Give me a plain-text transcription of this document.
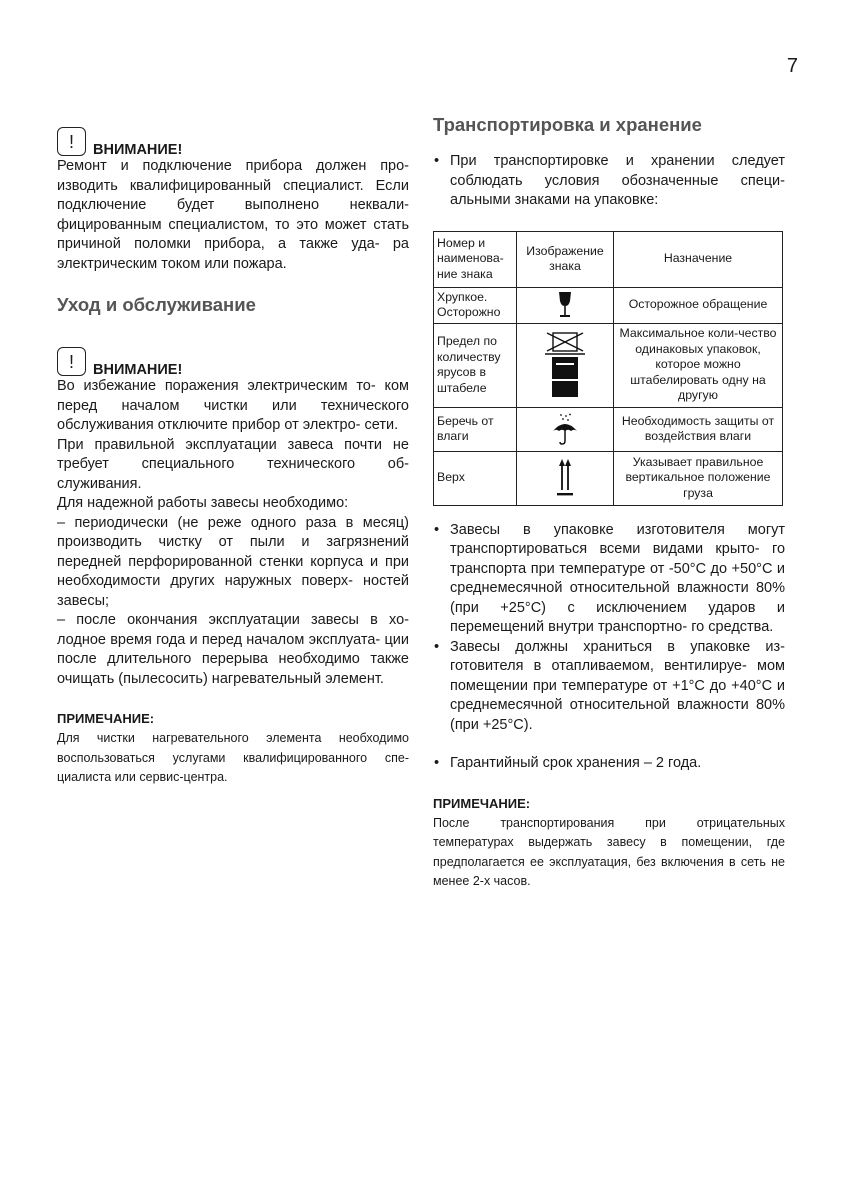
7
!	ВНИМАНИЕ!

Ремонт и подключение прибора должен про- изводить квалифицированный специалист. Если подключение будет выполнено неквали- фицированным специалистом, то это может стать причиной поломки прибора, а также уда- ра электрическим током или пожара.

Уход и обслуживание
!	ВНИМАНИЕ!

Во избежание поражения электрическим то- ком перед началом чистки или технического обслуживания отключите прибор от электро- сети.

При правильной эксплуатации завеса почти не требует специального технического об- служивания.

Для надежной работы завесы необходимо:
– периодически (не реже одного раза в месяц) производить чистку от пыли и загрязнений передней перфорированной стенки корпуса и при необходимости других наружных поверх- ностей завесы;
– после окончания эксплуатации завесы в хо- лодное время года и перед началом эксплуата- ции после длительного перерыва необходимо также очищать (пылесосить) нагревательный элемент.

ПРИМЕЧАНИЕ:

Для чистки нагревательного элемента необходимо воспользоваться услугами квалифицированного спе- циалиста или сервис-центра.

Транспортировка и хранение
• При транспортировке и хранении следует соблюдать условия обозначенные специ- альными знаками на упаковке:
Номер и наименова-ние знака	Изображение знака	Назначение
Хрупкое. Осторожно		Осторожное обращение
Предел по количеству ярусов в штабеле		Максимальное коли-чество одинаковых упаковок, которое можно штабелировать одну на другую
Беречь от влаги		Необходимость защиты от воздействия влаги
Верх		Указывает правильное вертикальное положение груза
• Завесы в упаковке изготовителя могут транспортироваться всеми видами крыто- го транспорта при температуре от -50°C до +50°C и среднемесячной относительной влажности 80% (при +25°C) с исключением ударов и перемещений внутри транспортно- го средства.
• Завесы должны храниться в упаковке из- готовителя в отапливаемом, вентилируе- мом помещении при температуре от +1°C до +40°C и среднемесячной относительной влажности 80% (при +25°C).
• Гарантийный срок хранения – 2 года.

ПРИМЕЧАНИЕ:

После транспортирования при отрицательных температурах выдержать завесу в помещении, где предполагается ее эксплуатация, без включения в сеть не менее 2-х часов.
